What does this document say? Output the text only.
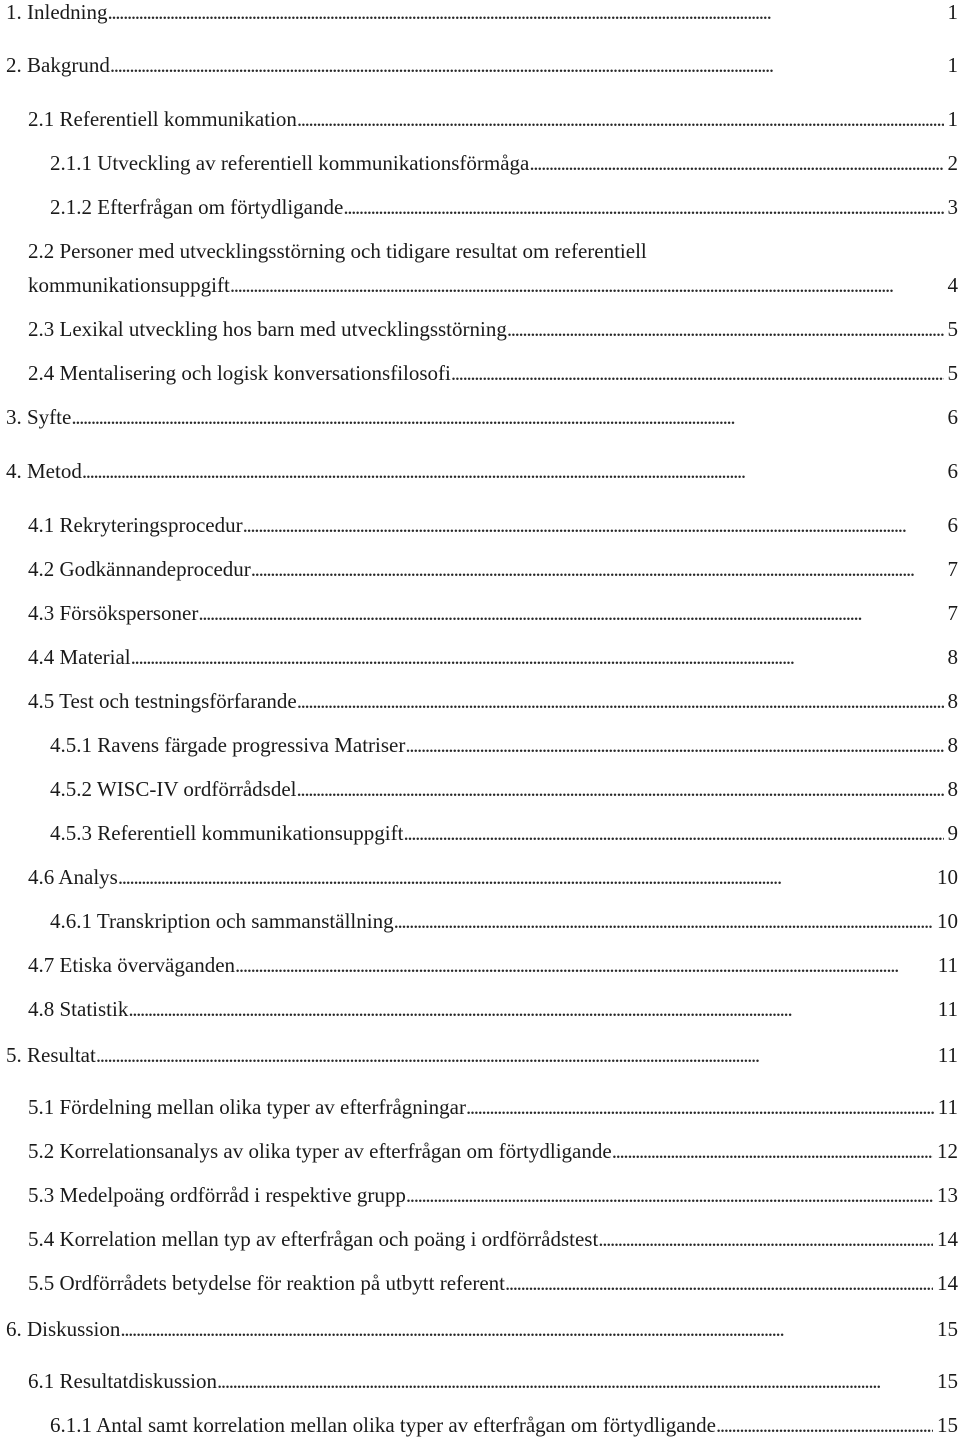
1. Inledning . . .	1
2. Bakgrund . . .	1
2.1 Referentiell kommunikation . . .	1
2.1.1 Utveckling av referentiell kommunikationsförmåga . . .	2
2.1.2 Efterfrågan om förtydligande . . .	3
2.2 Personer med utvecklingsstörning och tidigare resultat om referentiell
kommunikationsuppgift . . .	4
2.3 Lexikal utveckling hos barn med utvecklingsstörning . . .	5
2.4 Mentalisering och logisk konversationsfilosofi . . .	5
3. Syfte . . .	6
4. Metod . . .	6
4.1 Rekryteringsprocedur . . .	6
4.2 Godkännandeprocedur . . .	7
4.3 Försökspersoner . . .	7
4.4 Material . . .	8
4.5 Test och testningsförfarande . . .	8
4.5.1 Ravens färgade progressiva Matriser . . .	8
4.5.2 WISC-IV ordförrådsdel . . .	8
4.5.3 Referentiell kommunikationsuppgift . . .	9
4.6 Analys . . .	10
4.6.1 Transkription och sammanställning . . .	10
4.7 Etiska överväganden . . .	11
4.8 Statistik . . .	11
5. Resultat . . .	11
5.1 Fördelning mellan olika typer av efterfrågningar . . .	11
5.2 Korrelationsanalys av olika typer av efterfrågan om förtydligande . . .	12
5.3 Medelpoäng ordförråd i respektive grupp . . .	13
5.4 Korrelation mellan typ av efterfrågan och poäng i ordförrådstest . . .	14
5.5 Ordförrådets betydelse för reaktion på utbytt referent . . .	14
6. Diskussion . . .	15
6.1 Resultatdiskussion . . .	15
6.1.1 Antal samt korrelation mellan olika typer av efterfrågan om förtydligande . . .	15
